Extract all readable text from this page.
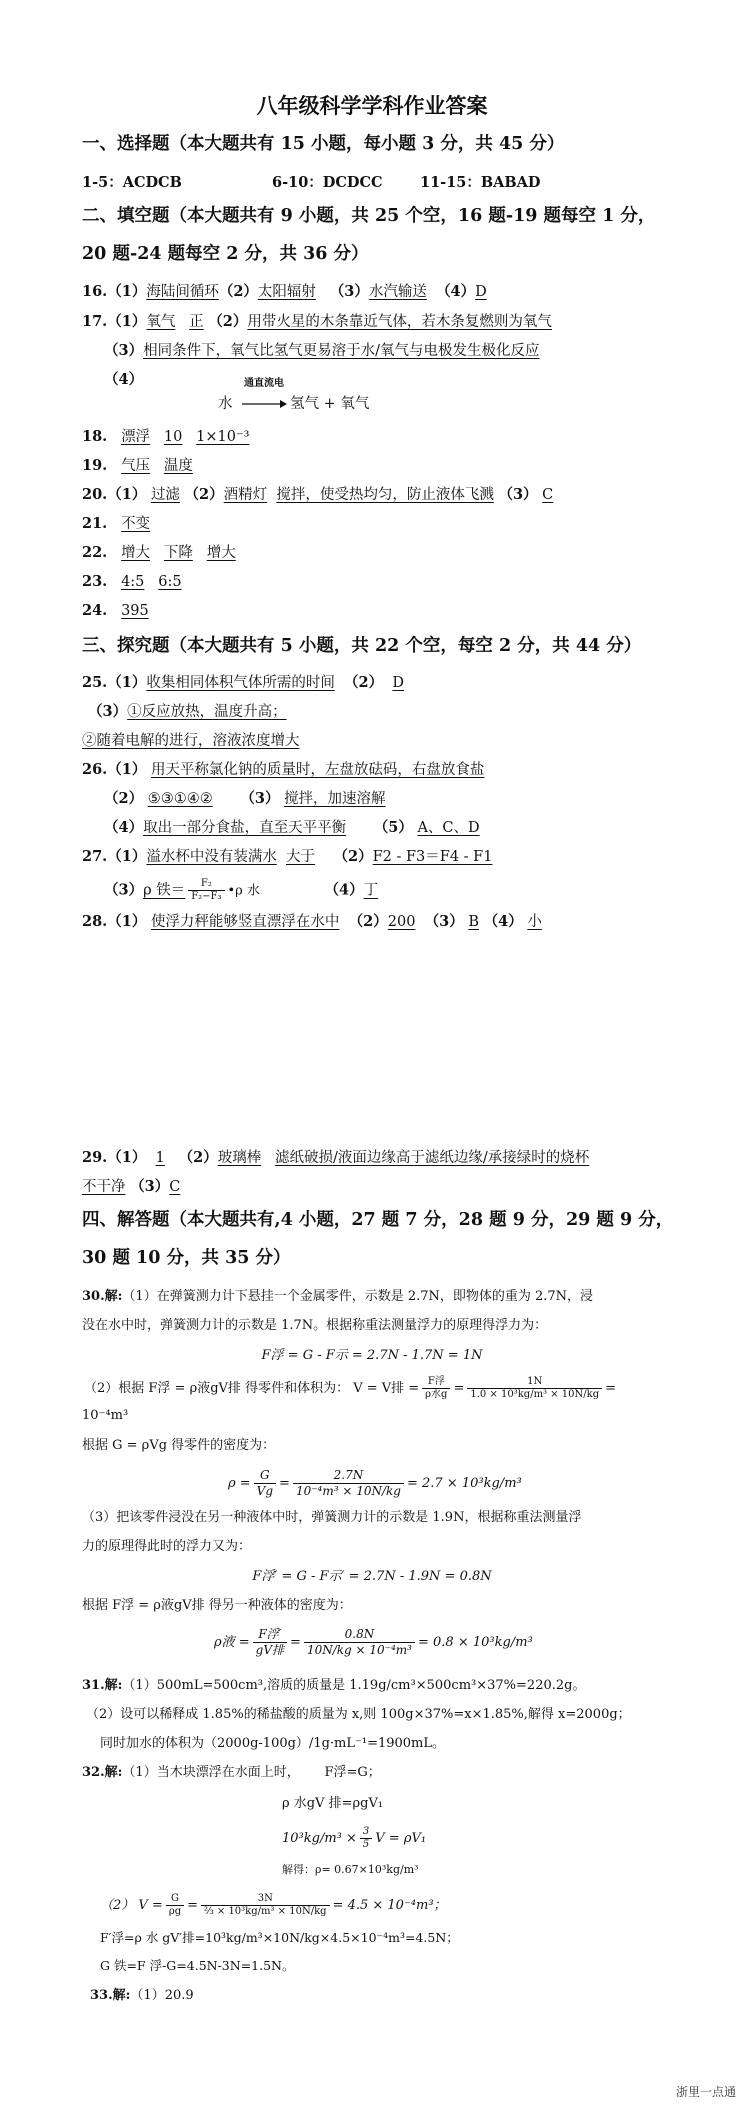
八年级科学学科作业答案
一、选择题（本大题共有 15 小题，每小题 3 分，共 45 分）
1-5：ACDCB	6-10：DCDCC	11-15：BABAD
二、填空题（本大题共有 9 小题，共 25 个空，16 题-19 题每空 1 分，
20 题-24 题每空 2 分，共 36 分）
16.（1）海陆间循环（2）太阳辐射 （3）水汽输送 （4）D
17.（1）氧气 正 （2）用带火星的木条靠近气体，若木条复燃则为氧气
（3）相同条件下，氧气比氢气更易溶于水/氧气与电极发生极化反应
（4）	通直流电
水 → 氢气 + 氧气
18. 漂浮 10 1×10⁻³
19. 气压 温度
20.（1） 过滤 （2）酒精灯 搅拌，使受热均匀，防止液体飞溅 （3） C
21. 不变
22. 增大 下降 增大
23. 4:5 6:5
24. 395
三、探究题（本大题共有 5 小题，共 22 个空，每空 2 分，共 44 分）
25.（1）收集相同体积气体所需的时间 （2） D
（3）①反应放热，温度升高；
②随着电解的进行，溶液浓度增大
26.（1） 用天平称氯化钠的质量时，左盘放砝码，右盘放食盐
（2） ⑤③①④② （3） 搅拌，加速溶解
（4）取出一部分食盐，直至天平平衡 （5） A、C、D
27.（1）溢水杯中没有装满水 大于 （2）F2 - F3＝F4 - F1
（3）ρ 铁＝ $\frac{\text{F₂}}{\text{F₂−F₃}}$ •ρ 水	（4）丁
28.（1） 使浮力秤能够竖直漂浮在水中 （2）200 （3） B （4） 小
29.（1） 1 （2）玻璃棒 滤纸破损/液面边缘高于滤纸边缘/承接绿时的烧杯
不干净 （3）C
四、解答题（本大题共有,4 小题，27 题 7 分，28 题 9 分，29 题 9 分，
30 题 10 分，共 35 分）
30.解:（1）在弹簧测力计下悬挂一个金属零件，示数是 2.7N，即物体的重为 2.7N，浸
没在水中时，弹簧测力计的示数是 1.7N。根据称重法测量浮力的原理得浮力为：
F浮 = G - F示 = 2.7N - 1.7N = 1N
（2）根据 F浮 = ρ液gV排 得零件和体积为： V = V排 = $\frac{\text{F浮}}{\text{ρ水g}} = \frac{1N}{\text{1.0 × 10³kg/m³ × 10N/kg}}$ =
10⁻⁴m³
根据 G = ρVg 得零件的密度为：
$\rho = \frac{G}{Vg} = \frac{2.7N}{\text{10⁻⁴m³ × 10N/kg}} = 2.7 \times 10^3kg/m^3$
（3）把该零件浸没在另一种液体中时，弹簧测力计的示数是 1.9N，根据称重法测量浮
力的原理得此时的浮力又为：
F浮′ = G - F示′ = 2.7N - 1.9N = 0.8N
根据 F浮 = ρ液gV排 得另一种液体的密度为：
ρ液 = $\frac{\text{F浮′}}{\text{gV排}} = \frac{0.8N}{\text{10N/kg × 10⁻⁴m³}} = 0.8 \times 10^3kg/m^3$
31.解:（1）500mL=500cm³,溶质的质量是 1.19g/cm³×500cm³×37%=220.2g。
（2）设可以稀释成 1.85%的稀盐酸的质量为 x,则 100g×37%=x×1.85%,解得 x=2000g；
同时加水的体积为（2000g-100g）/1g·mL⁻¹=1900mL。
32.解:（1）当木块漂浮在水面上时， F浮=G；
ρ 水gV 排=ρgV₁
$10^3kg/m^3 \times \frac{3}{5}$ V = ρV₁
解得：ρ= 0.67×10³kg/m³
（2） $V = \frac{G}{\rho g} = \frac{3N}{\text{⅔ × 10³kg/m³ × 10N/kg}} = 4.5 \times 10^{-4}m^3$；
F′浮=ρ 水 gV′排=10³kg/m³×10N/kg×4.5×10⁻⁴m³=4.5N；
G 铁=F 浮-G=4.5N-3N=1.5N。
33.解:（1）20.9
浙里一点通
